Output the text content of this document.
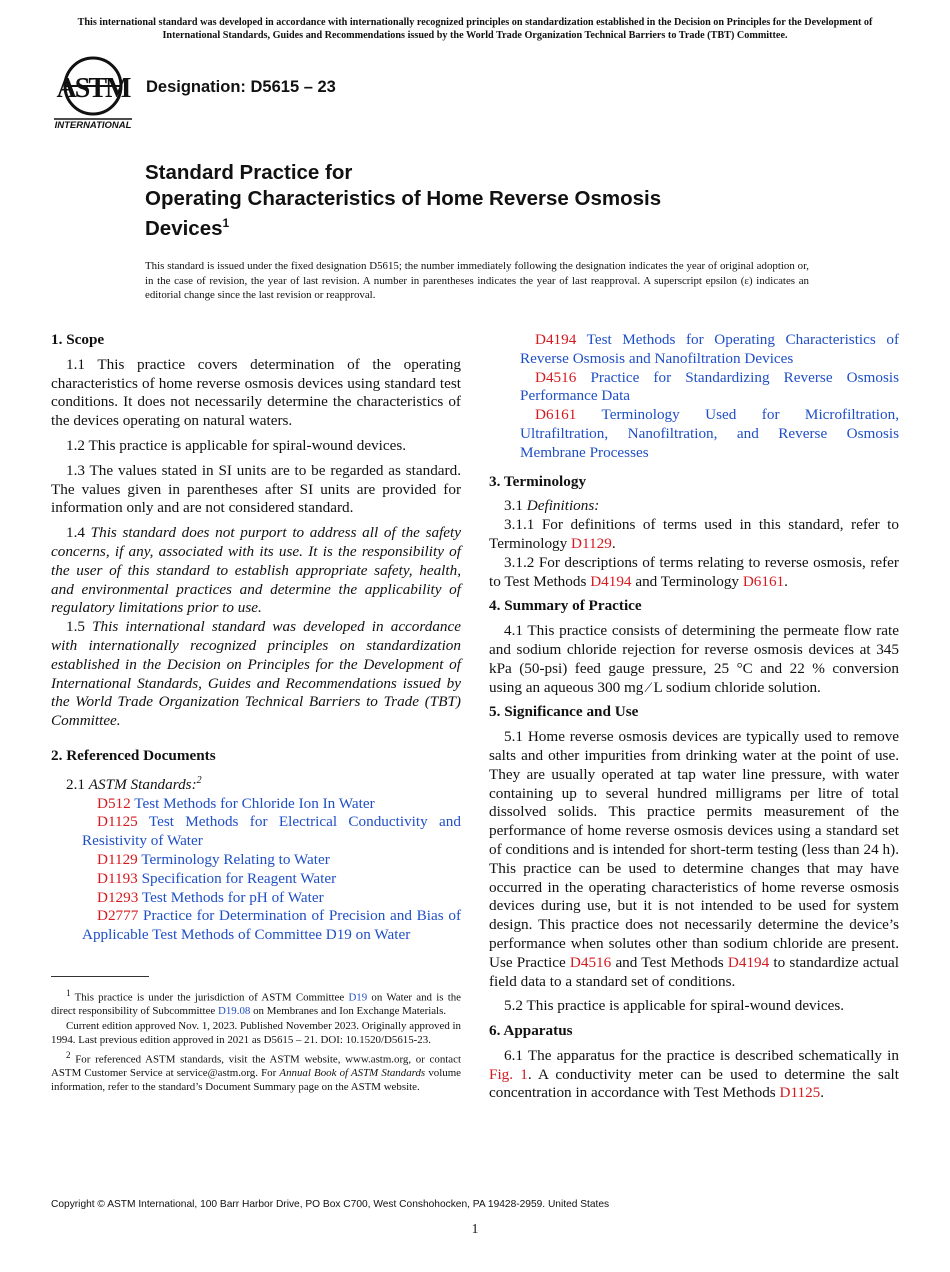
This international standard was developed in accordance with internationally recognized principles on standardization established in the Decision on Principles for the Development of International Standards, Guides and Recommendations issued by the World Trade Organization Technical Barriers to Trade (TBT) Committee.
ASTM
INTERNATIONAL
Designation: D5615 – 23
Standard Practice for
Operating Characteristics of Home Reverse Osmosis
Devices$^1$
This standard is issued under the fixed designation D5615; the number immediately following the designation indicates the year of original adoption or, in the case of revision, the year of last revision. A number in parentheses indicates the year of last reapproval. A superscript epsilon (ε) indicates an editorial change since the last revision or reapproval.

1. Scope

1.1 This practice covers determination of the operating characteristics of home reverse osmosis devices using standard test conditions. It does not necessarily determine the characteristics of the devices operating on natural waters.

1.2 This practice is applicable for spiral-wound devices.

1.3 The values stated in SI units are to be regarded as standard. The values given in parentheses after SI units are provided for information only and are not considered standard.

1.4 This standard does not purport to address all of the safety concerns, if any, associated with its use. It is the responsibility of the user of this standard to establish appropriate safety, health, and environmental practices and determine the applicability of regulatory limitations prior to use.

1.5 This international standard was developed in accordance with internationally recognized principles on standardization established in the Decision on Principles for the Development of International Standards, Guides and Recommendations issued by the World Trade Organization Technical Barriers to Trade (TBT) Committee.

2. Referenced Documents

2.1 ASTM Standards:$^2$

D512 Test Methods for Chloride Ion In Water

D1125 Test Methods for Electrical Conductivity and Resistivity of Water

D1129 Terminology Relating to Water

D1193 Specification for Reagent Water

D1293 Test Methods for pH of Water

D2777 Practice for Determination of Precision and Bias of Applicable Test Methods of Committee D19 on Water

$^1$ This practice is under the jurisdiction of ASTM Committee D19 on Water and is the direct responsibility of Subcommittee D19.08 on Membranes and Ion Exchange Materials.

Current edition approved Nov. 1, 2023. Published November 2023. Originally approved in 1994. Last previous edition approved in 2021 as D5615 – 21. DOI: 10.1520/D5615-23.

$^2$ For referenced ASTM standards, visit the ASTM website, www.astm.org, or contact ASTM Customer Service at service@astm.org. For Annual Book of ASTM Standards volume information, refer to the standard’s Document Summary page on the ASTM website.

D4194 Test Methods for Operating Characteristics of Reverse Osmosis and Nanofiltration Devices

D4516 Practice for Standardizing Reverse Osmosis Performance Data

D6161 Terminology Used for Microfiltration, Ultrafiltration, Nanofiltration, and Reverse Osmosis Membrane Processes

3. Terminology

3.1 Definitions:

3.1.1 For definitions of terms used in this standard, refer to Terminology D1129.

3.1.2 For descriptions of terms relating to reverse osmosis, refer to Test Methods D4194 and Terminology D6161.

4. Summary of Practice

4.1 This practice consists of determining the permeate flow rate and sodium chloride rejection for reverse osmosis devices at 345 kPa (50-psi) feed gauge pressure, 25 °C and 22 % conversion using an aqueous 300 mg ⁄ L sodium chloride solution.

5. Significance and Use

5.1 Home reverse osmosis devices are typically used to remove salts and other impurities from drinking water at the point of use. They are usually operated at tap water line pressure, with water containing up to several hundred milligrams per litre of total dissolved solids. This practice permits measurement of the performance of home reverse osmosis devices using a standard set of conditions and is intended for short-term testing (less than 24 h). This practice can be used to determine changes that may have occurred in the operating characteristics of home reverse osmosis devices during use, but it is not intended to be used for system design. This practice does not necessarily determine the device’s performance when solutes other than sodium chloride are present. Use Practice D4516 and Test Methods D4194 to standardize actual field data to a standard set of conditions.

5.2 This practice is applicable for spiral-wound devices.

6. Apparatus

6.1 The apparatus for the practice is described schematically in Fig. 1. A conductivity meter can be used to determine the salt concentration in accordance with Test Methods D1125.

Copyright © ASTM International, 100 Barr Harbor Drive, PO Box C700, West Conshohocken, PA 19428-2959. United States
1
